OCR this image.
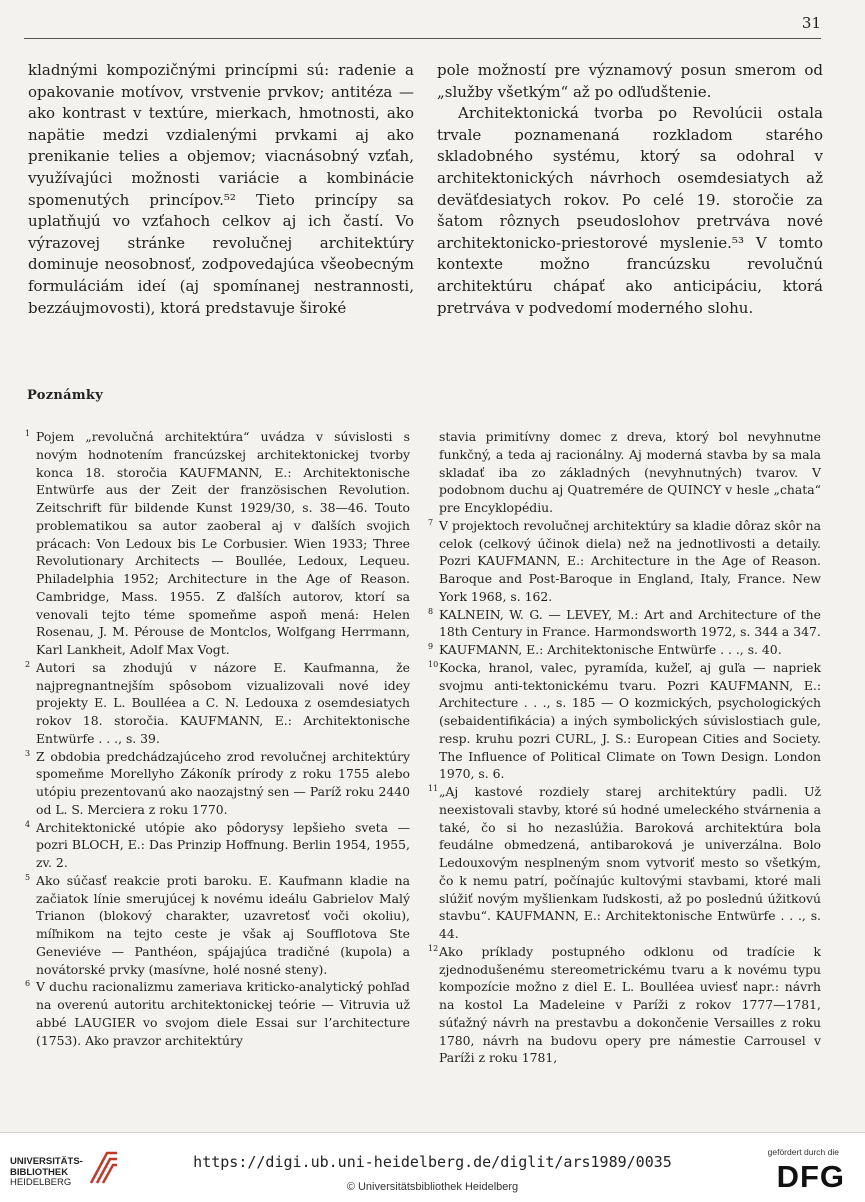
31

kladnými kompozičnými princípmi sú: radenie a opakovanie motívov, vrstvenie prvkov; antitéza — ako kontrast v textúre, mierkach, hmotnosti, ako napätie medzi vzdialenými prvkami aj ako prenikanie telies a objemov; viacnásobný vzťah, využívajúci možnosti variácie a kombinácie spomenutých princípov.⁵² Tieto princípy sa uplatňujú vo vzťahoch celkov aj ich častí. Vo výrazovej stránke revolučnej architektúry dominuje neosobnosť, zodpovedajúca všeobecným formuláciám ideí (aj spomínanej nestrannosti, bezzáujmovosti), ktorá predstavuje široké

pole možností pre významový posun smerom od „služby všetkým“ až po odľudštenie.

Architektonická tvorba po Revolúcii ostala trvale poznamenaná rozkladom starého skladobného systému, ktorý sa odohral v architektonických návrhoch osemdesiatych až deväťdesiatych rokov. Po celé 19. storočie za šatom rôznych pseudoslohov pretrváva nové architektonicko-priestorové myslenie.⁵³ V tomto kontexte možno francúzsku revolučnú architektúru chápať ako anticipáciu, ktorá pretrváva v podvedomí moderného slohu.

Poznámky
1 Pojem „revolučná architektúra“ uvádza v súvislosti s novým hodnotením francúzskej architektonickej tvorby konca 18. storočia KAUFMANN, E.: Architektonische Entwürfe aus der Zeit der französischen Revolution. Zeitschrift für bildende Kunst 1929/30, s. 38—46. Touto problematikou sa autor zaoberal aj v ďalších svojich prácach: Von Ledoux bis Le Corbusier. Wien 1933; Three Revolutionary Architects — Boullée, Ledoux, Lequeu. Philadelphia 1952; Architecture in the Age of Reason. Cambridge, Mass. 1955. Z ďalších autorov, ktorí sa venovali tejto téme spomeňme aspoň mená: Helen Rosenau, J. M. Pérouse de Montclos, Wolfgang Herrmann, Karl Lankheit, Adolf Max Vogt.
2 Autori sa zhodujú v názore E. Kaufmanna, že najpregnantnejším spôsobom vizualizovali nové idey projekty E. L. Boulléea a C. N. Ledouxa z osemdesiatych rokov 18. storočia. KAUFMANN, E.: Architektonische Entwürfe . . ., s. 39.
3 Z obdobia predchádzajúceho zrod revolučnej architektúry spomeňme Morellyho Zákoník prírody z roku 1755 alebo utópiu prezentovanú ako naozajstný sen — Paríž roku 2440 od L. S. Merciera z roku 1770.
4 Architektonické utópie ako pôdorysy lepšieho sveta — pozri BLOCH, E.: Das Prinzip Hoffnung. Berlin 1954, 1955, zv. 2.
5 Ako súčasť reakcie proti baroku. E. Kaufmann kladie na začiatok línie smerujúcej k novému ideálu Gabrielov Malý Trianon (blokový charakter, uzavretosť voči okoliu), míľnikom na tejto ceste je však aj Soufflotova Ste Geneviéve — Panthéon, spájajúca tradičné (kupola) a novátorské prvky (masívne, holé nosné steny).
6 V duchu racionalizmu zameriava kriticko-analytický pohľad na overenú autoritu architektonickej teórie — Vitruvia už abbé LAUGIER vo svojom diele Essai sur l’architecture (1753). Ako pravzor architektúry
stavia primitívny domec z dreva, ktorý bol nevyhnutne funkčný, a teda aj racionálny. Aj moderná stavba by sa mala skladať iba zo základných (nevyhnutných) tvarov. V podobnom duchu aj Quatremére de QUINCY v hesle „chata“ pre Encyklopédiu.
7 V projektoch revolučnej architektúry sa kladie dôraz skôr na celok (celkový účinok diela) než na jednotlivosti a detaily. Pozri KAUFMANN, E.: Architecture in the Age of Reason. Baroque and Post-Baroque in England, Italy, France. New York 1968, s. 162.
8 KALNEIN, W. G. — LEVEY, M.: Art and Architecture of the 18th Century in France. Harmondsworth 1972, s. 344 a 347.
9 KAUFMANN, E.: Architektonische Entwürfe . . ., s. 40.
10 Kocka, hranol, valec, pyramída, kužeľ, aj guľa — napriek svojmu anti-tektonickému tvaru. Pozri KAUFMANN, E.: Architecture . . ., s. 185 — O kozmických, psychologických (sebaidentifikácia) a iných symbolických súvislostiach gule, resp. kruhu pozri CURL, J. S.: European Cities and Society. The Influence of Political Climate on Town Design. London 1970, s. 6.
11 „Aj kastové rozdiely starej architektúry padli. Už neexistovali stavby, ktoré sú hodné umeleckého stvárnenia a také, čo si ho nezaslúžia. Baroková architektúra bola feudálne obmedzená, antibaroková je univerzálna. Bolo Ledouxovým nesplneným snom vytvoriť mesto so všetkým, čo k nemu patrí, počínajúc kultovými stavbami, ktoré mali slúžiť novým myšlienkam ľudskosti, až po poslednú úžitkovú stavbu“. KAUFMANN, E.: Architektonische Entwürfe . . ., s. 44.
12 Ako príklady postupného odklonu od tradície k zjednodušenému stereometrickému tvaru a k novému typu kompozície možno z diel E. L. Boulléea uviesť napr.: návrh na kostol La Madeleine v Paríži z rokov 1777—1781, súťažný návrh na prestavbu a dokončenie Versailles z roku 1780, návrh na budovu opery pre námestie Carrousel v Paríži z roku 1781,
UNIVERSITÄTS-
BIBLIOTHEK
HEIDELBERG
https://digi.ub.uni-heidelberg.de/diglit/ars1989/0035
© Universitätsbibliothek Heidelberg
gefördert durch die
DFG
